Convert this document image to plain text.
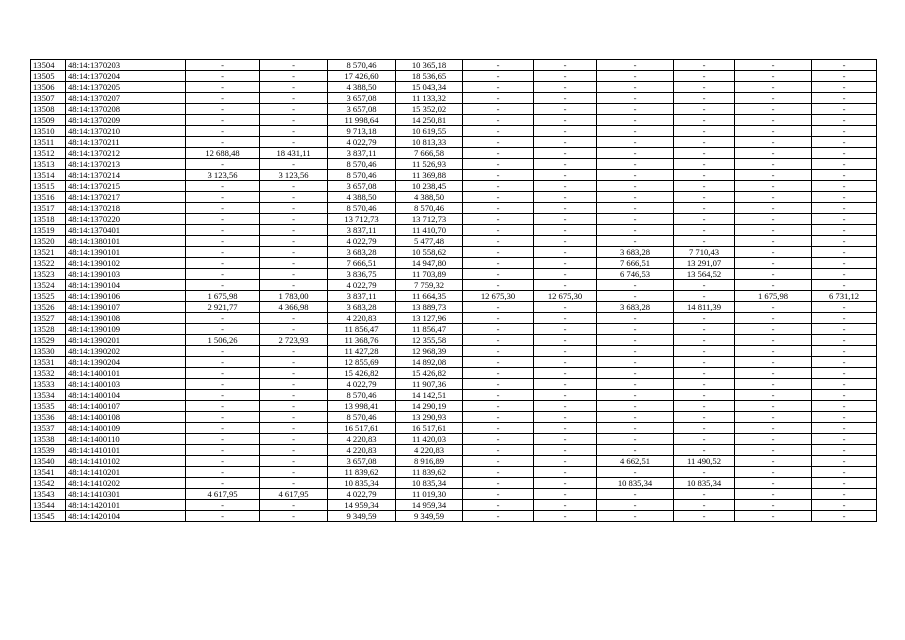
13504	48:14:1370203	-	-	8 570,46	10 365,18	-	-	-	-	-	-
13505	48:14:1370204	-	-	17 426,60	18 536,65	-	-	-	-	-	-
13506	48:14:1370205	-	-	4 388,50	15 043,34	-	-	-	-	-	-
13507	48:14:1370207	-	-	3 657,08	11 133,32	-	-	-	-	-	-
13508	48:14:1370208	-	-	3 657,08	15 352,02	-	-	-	-	-	-
13509	48:14:1370209	-	-	11 998,64	14 250,81	-	-	-	-	-	-
13510	48:14:1370210	-	-	9 713,18	10 619,55	-	-	-	-	-	-
13511	48:14:1370211	-	-	4 022,79	10 813,33	-	-	-	-	-	-
13512	48:14:1370212	12 688,48	18 431,11	3 837,11	7 666,58	-	-	-	-	-	-
13513	48:14:1370213	-	-	8 570,46	11 526,93	-	-	-	-	-	-
13514	48:14:1370214	3 123,56	3 123,56	8 570,46	11 369,88	-	-	-	-	-	-
13515	48:14:1370215	-	-	3 657,08	10 238,45	-	-	-	-	-	-
13516	48:14:1370217	-	-	4 388,50	4 388,50	-	-	-	-	-	-
13517	48:14:1370218	-	-	8 570,46	8 570,46	-	-	-	-	-	-
13518	48:14:1370220	-	-	13 712,73	13 712,73	-	-	-	-	-	-
13519	48:14:1370401	-	-	3 837,11	11 410,70	-	-	-	-	-	-
13520	48:14:1380101	-	-	4 022,79	5 477,48	-	-	-	-	-	-
13521	48:14:1390101	-	-	3 683,28	10 558,62	-	-	3 683,28	7 710,43	-	-
13522	48:14:1390102	-	-	7 666,51	14 947,80	-	-	7 666,51	13 291,07	-	-
13523	48:14:1390103	-	-	3 836,75	11 703,89	-	-	6 746,53	13 564,52	-	-
13524	48:14:1390104	-	-	4 022,79	7 759,32	-	-	-	-	-	-
13525	48:14:1390106	1 675,98	1 783,00	3 837,11	11 664,35	12 675,30	12 675,30	-	-	1 675,98	6 731,12
13526	48:14:1390107	2 921,77	4 366,98	3 683,28	13 889,73	-	-	3 683,28	14 811,39	-	-
13527	48:14:1390108	-	-	4 220,83	13 127,96	-	-	-	-	-	-
13528	48:14:1390109	-	-	11 856,47	11 856,47	-	-	-	-	-	-
13529	48:14:1390201	1 506,26	2 723,93	11 368,76	12 355,58	-	-	-	-	-	-
13530	48:14:1390202	-	-	11 427,28	12 968,39	-	-	-	-	-	-
13531	48:14:1390204	-	-	12 855,69	14 892,08	-	-	-	-	-	-
13532	48:14:1400101	-	-	15 426,82	15 426,82	-	-	-	-	-	-
13533	48:14:1400103	-	-	4 022,79	11 907,36	-	-	-	-	-	-
13534	48:14:1400104	-	-	8 570,46	14 142,51	-	-	-	-	-	-
13535	48:14:1400107	-	-	13 998,41	14 290,19	-	-	-	-	-	-
13536	48:14:1400108	-	-	8 570,46	13 290,93	-	-	-	-	-	-
13537	48:14:1400109	-	-	16 517,61	16 517,61	-	-	-	-	-	-
13538	48:14:1400110	-	-	4 220,83	11 420,03	-	-	-	-	-	-
13539	48:14:1410101	-	-	4 220,83	4 220,83	-	-	-	-	-	-
13540	48:14:1410102	-	-	3 657,08	8 916,89	-	-	4 662,51	11 490,52	-	-
13541	48:14:1410201	-	-	11 839,62	11 839,62	-	-	-	-	-	-
13542	48:14:1410202	-	-	10 835,34	10 835,34	-	-	10 835,34	10 835,34	-	-
13543	48:14:1410301	4 617,95	4 617,95	4 022,79	11 019,30	-	-	-	-	-	-
13544	48:14:1420101	-	-	14 959,34	14 959,34	-	-	-	-	-	-
13545	48:14:1420104	-	-	9 349,59	9 349,59	-	-	-	-	-	-
